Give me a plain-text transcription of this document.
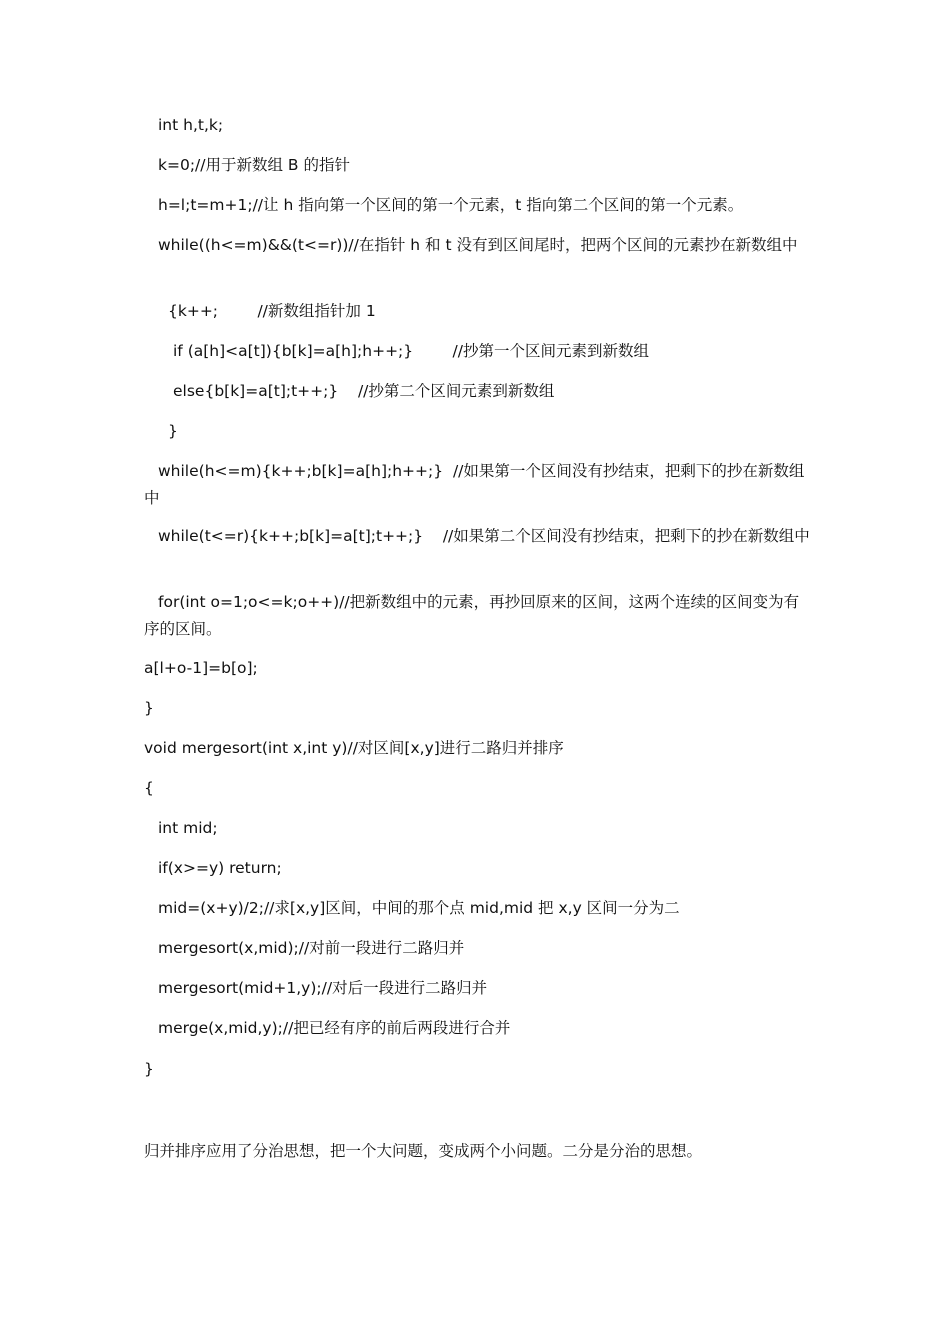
int h,t,k;
k=0;//用于新数组 B 的指针
h=l;t=m+1;//让 h 指向第一个区间的第一个元素，t 指向第二个区间的第一个元素。
while((h<=m)&&(t<=r))//在指针 h 和 t 没有到区间尾时，把两个区间的元素抄在新数组中
{k++;        //新数组指针加 1
if (a[h]<a[t]){b[k]=a[h];h++;}        //抄第一个区间元素到新数组
else{b[k]=a[t];t++;}    //抄第二个区间元素到新数组
}
while(h<=m){k++;b[k]=a[h];h++;}  //如果第一个区间没有抄结束，把剩下的抄在新数组中
while(t<=r){k++;b[k]=a[t];t++;}    //如果第二个区间没有抄结束，把剩下的抄在新数组中
for(int o=1;o<=k;o++)//把新数组中的元素，再抄回原来的区间，这两个连续的区间变为有序的区间。
a[l+o-1]=b[o];
}
void mergesort(int x,int y)//对区间[x,y]进行二路归并排序
{
int mid;
if(x>=y) return;
mid=(x+y)/2;//求[x,y]区间，中间的那个点 mid,mid 把 x,y 区间一分为二
mergesort(x,mid);//对前一段进行二路归并
mergesort(mid+1,y);//对后一段进行二路归并
merge(x,mid,y);//把已经有序的前后两段进行合并
}
归并排序应用了分治思想，把一个大问题，变成两个小问题。二分是分治的思想。
